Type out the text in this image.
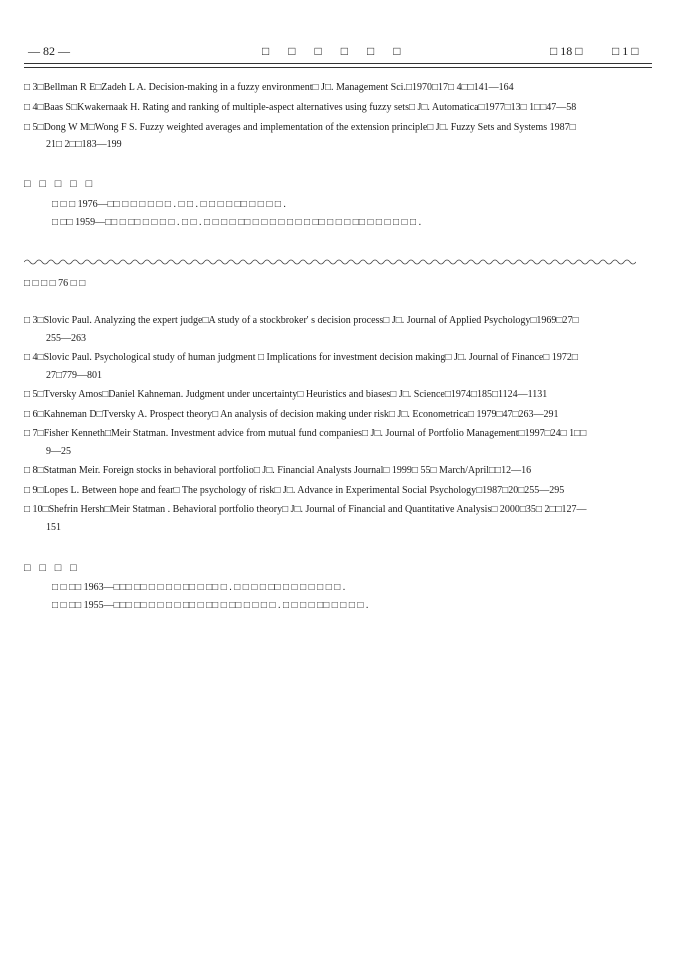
— 82 —	□ □ □ □ □ □	□ 18 □ □ 1 □
□ 3□Bellman R E□Zadeh L A. Decision-making in a fuzzy environment□ J□. Management Sci.□1970□17□ 4□□141—164
□ 4□Baas S□Kwakernaak H. Rating and ranking of multiple-aspect alternatives using fuzzy sets□ J□. Automatica□1977□13□ 1□□47—58
□ 5□Dong W M□Wong F S. Fuzzy weighted averages and implementation of the extension principle□ J□. Fuzzy Sets and Systems 1987□
21□ 2□□183—199
□ □ □ □ □
□ □ □ 1976—□□ □ □ □ □ □ □ . □ □ . □ □ □ □ □□ □ □ □ □ .
□ □□ 1959—□□ □ □□ □ □ □ □ . □ □ . □ □ □ □ □□ □ □ □ □ □ □ □ □□ □ □ □ □□ □ □ □ □ □ □ .
□ □ □ □ 76 □ □
□ 3□Slovic Paul. Analyzing the expert judge□A study of a stockbroker' s decision process□ J□. Journal of Applied Psychology□1969□27□
255—263
□ 4□Slovic Paul. Psychological study of human judgment □ Implications for investment decision making□ J□. Journal of Finance□ 1972□
27□779—801
□ 5□Tversky Amos□Daniel Kahneman. Judgment under uncertainty□ Heuristics and biases□ J□. Science□1974□185□1124—1131
□ 6□Kahneman D□Tversky A. Prospect theory□ An analysis of decision making under risk□ J□. Econometrica□ 1979□47□263—291
□ 7□Fisher Kenneth□Meir Statman. Investment advice from mutual fund companies□ J□. Journal of Portfolio Management□1997□24□ 1□□
9—25
□ 8□Statman Meir. Foreign stocks in behavioral portfolio□ J□. Financial Analysts Journal□ 1999□ 55□ March/April□□12—16
□ 9□Lopes L. Between hope and fear□ The psychology of risk□ J□. Advance in Experimental Social Psychology□1987□20□255—295
□ 10□Shefrin Hersh□Meir Statman . Behavioral portfolio theory□ J□. Journal of Financial and Quantitative Analysis□ 2000□35□ 2□□127—
151
□ □ □ □
□ □ □□ 1963—□□□ □□ □ □ □ □ □□ □ □□ □ . □ □ □ □ □□ □ □ □ □ □ □ □ .
□ □ □□ 1955—□□□ □□ □ □ □ □ □□ □ □□ □ □□ □ □ □ □ . □ □ □ □ □□ □ □ □ □ .
